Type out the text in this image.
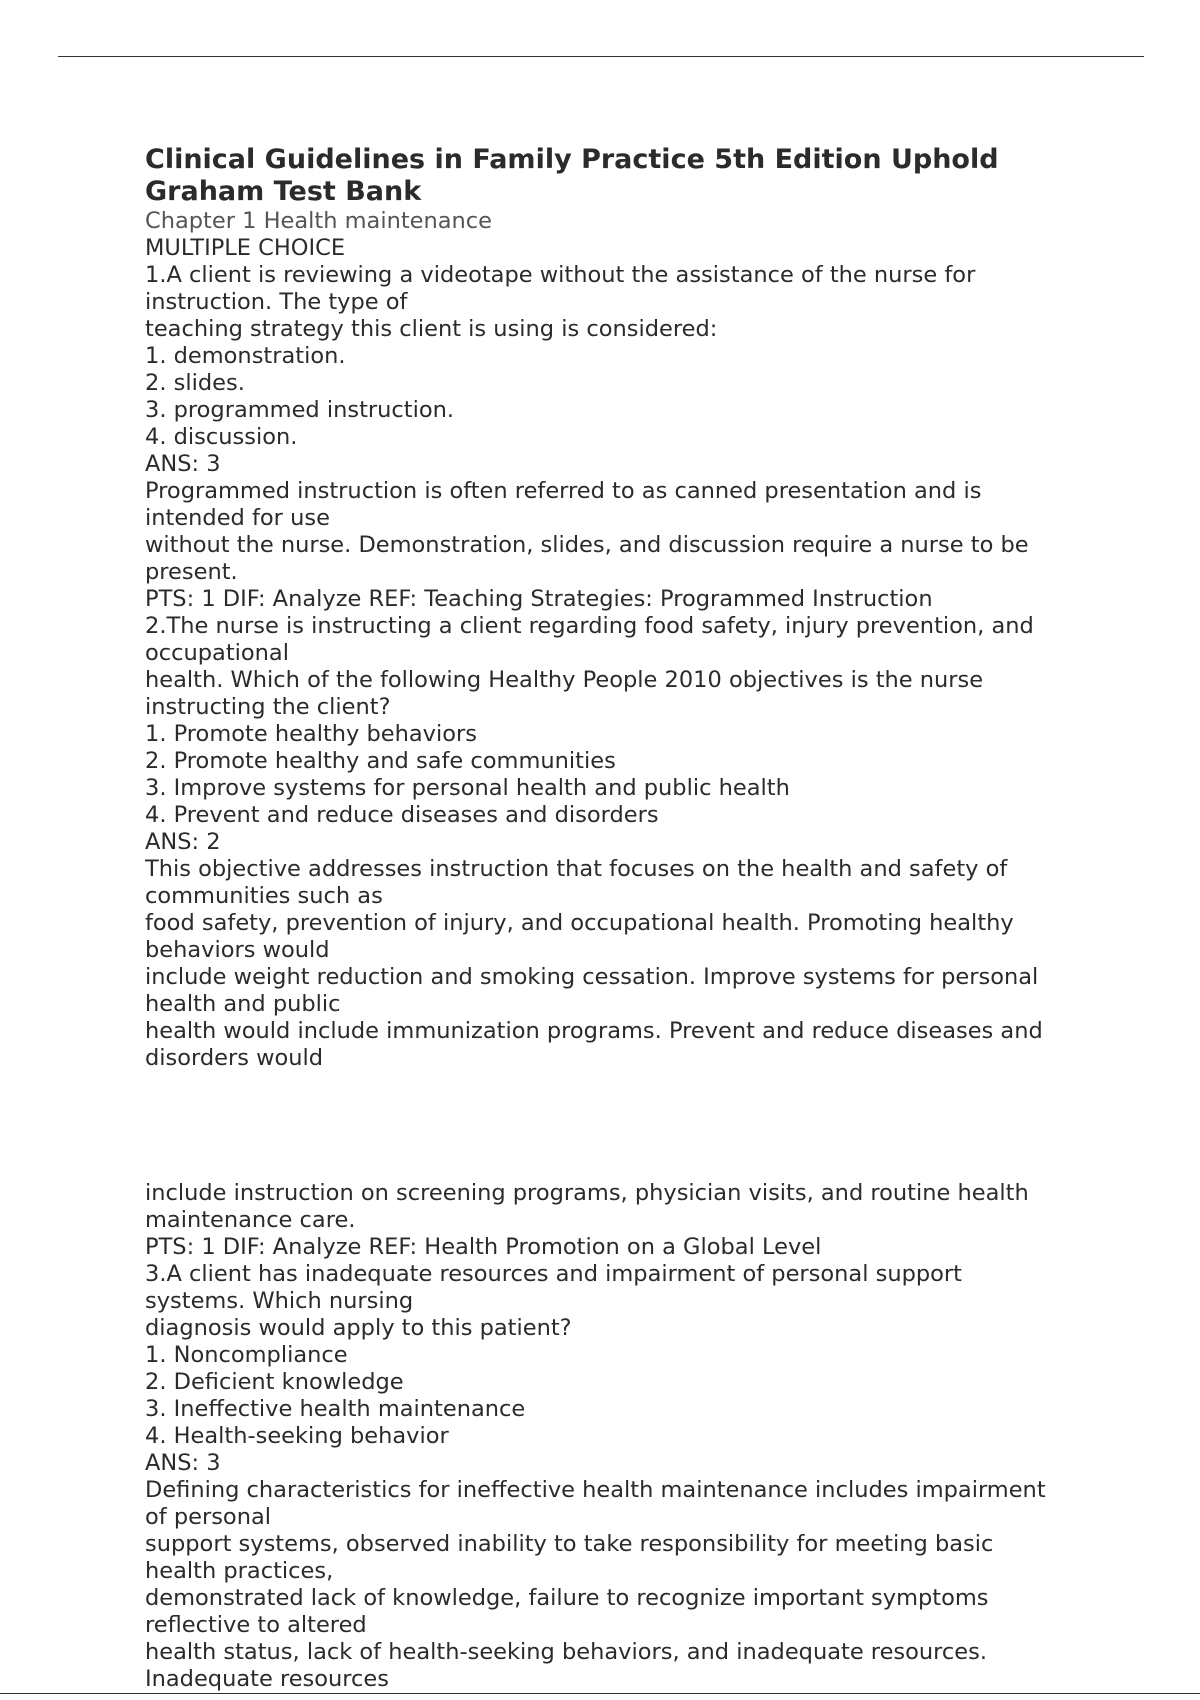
Clinical Guidelines in Family Practice 5th Edition Uphold
Graham Test Bank
Chapter 1 Health maintenance
MULTIPLE CHOICE
1.A client is reviewing a videotape without the assistance of the nurse for
instruction. The type of
teaching strategy this client is using is considered:
1. demonstration.
2. slides.
3. programmed instruction.
4. discussion.
ANS: 3
Programmed instruction is often referred to as canned presentation and is
intended for use
without the nurse. Demonstration, slides, and discussion require a nurse to be
present.
PTS: 1 DIF: Analyze REF: Teaching Strategies: Programmed Instruction
2.The nurse is instructing a client regarding food safety, injury prevention, and
occupational
health. Which of the following Healthy People 2010 objectives is the nurse
instructing the client?
1. Promote healthy behaviors
2. Promote healthy and safe communities
3. Improve systems for personal health and public health
4. Prevent and reduce diseases and disorders
ANS: 2
This objective addresses instruction that focuses on the health and safety of
communities such as
food safety, prevention of injury, and occupational health. Promoting healthy
behaviors would
include weight reduction and smoking cessation. Improve systems for personal
health and public
health would include immunization programs. Prevent and reduce diseases and
disorders would
include instruction on screening programs, physician visits, and routine health
maintenance care.
PTS: 1 DIF: Analyze REF: Health Promotion on a Global Level
3.A client has inadequate resources and impairment of personal support
systems. Which nursing
diagnosis would apply to this patient?
1. Noncompliance
2. Deficient knowledge
3. Ineffective health maintenance
4. Health-seeking behavior
ANS: 3
Defining characteristics for ineffective health maintenance includes impairment
of personal
support systems, observed inability to take responsibility for meeting basic
health practices,
demonstrated lack of knowledge, failure to recognize important symptoms
reflective to altered
health status, lack of health-seeking behaviors, and inadequate resources.
Inadequate resources
